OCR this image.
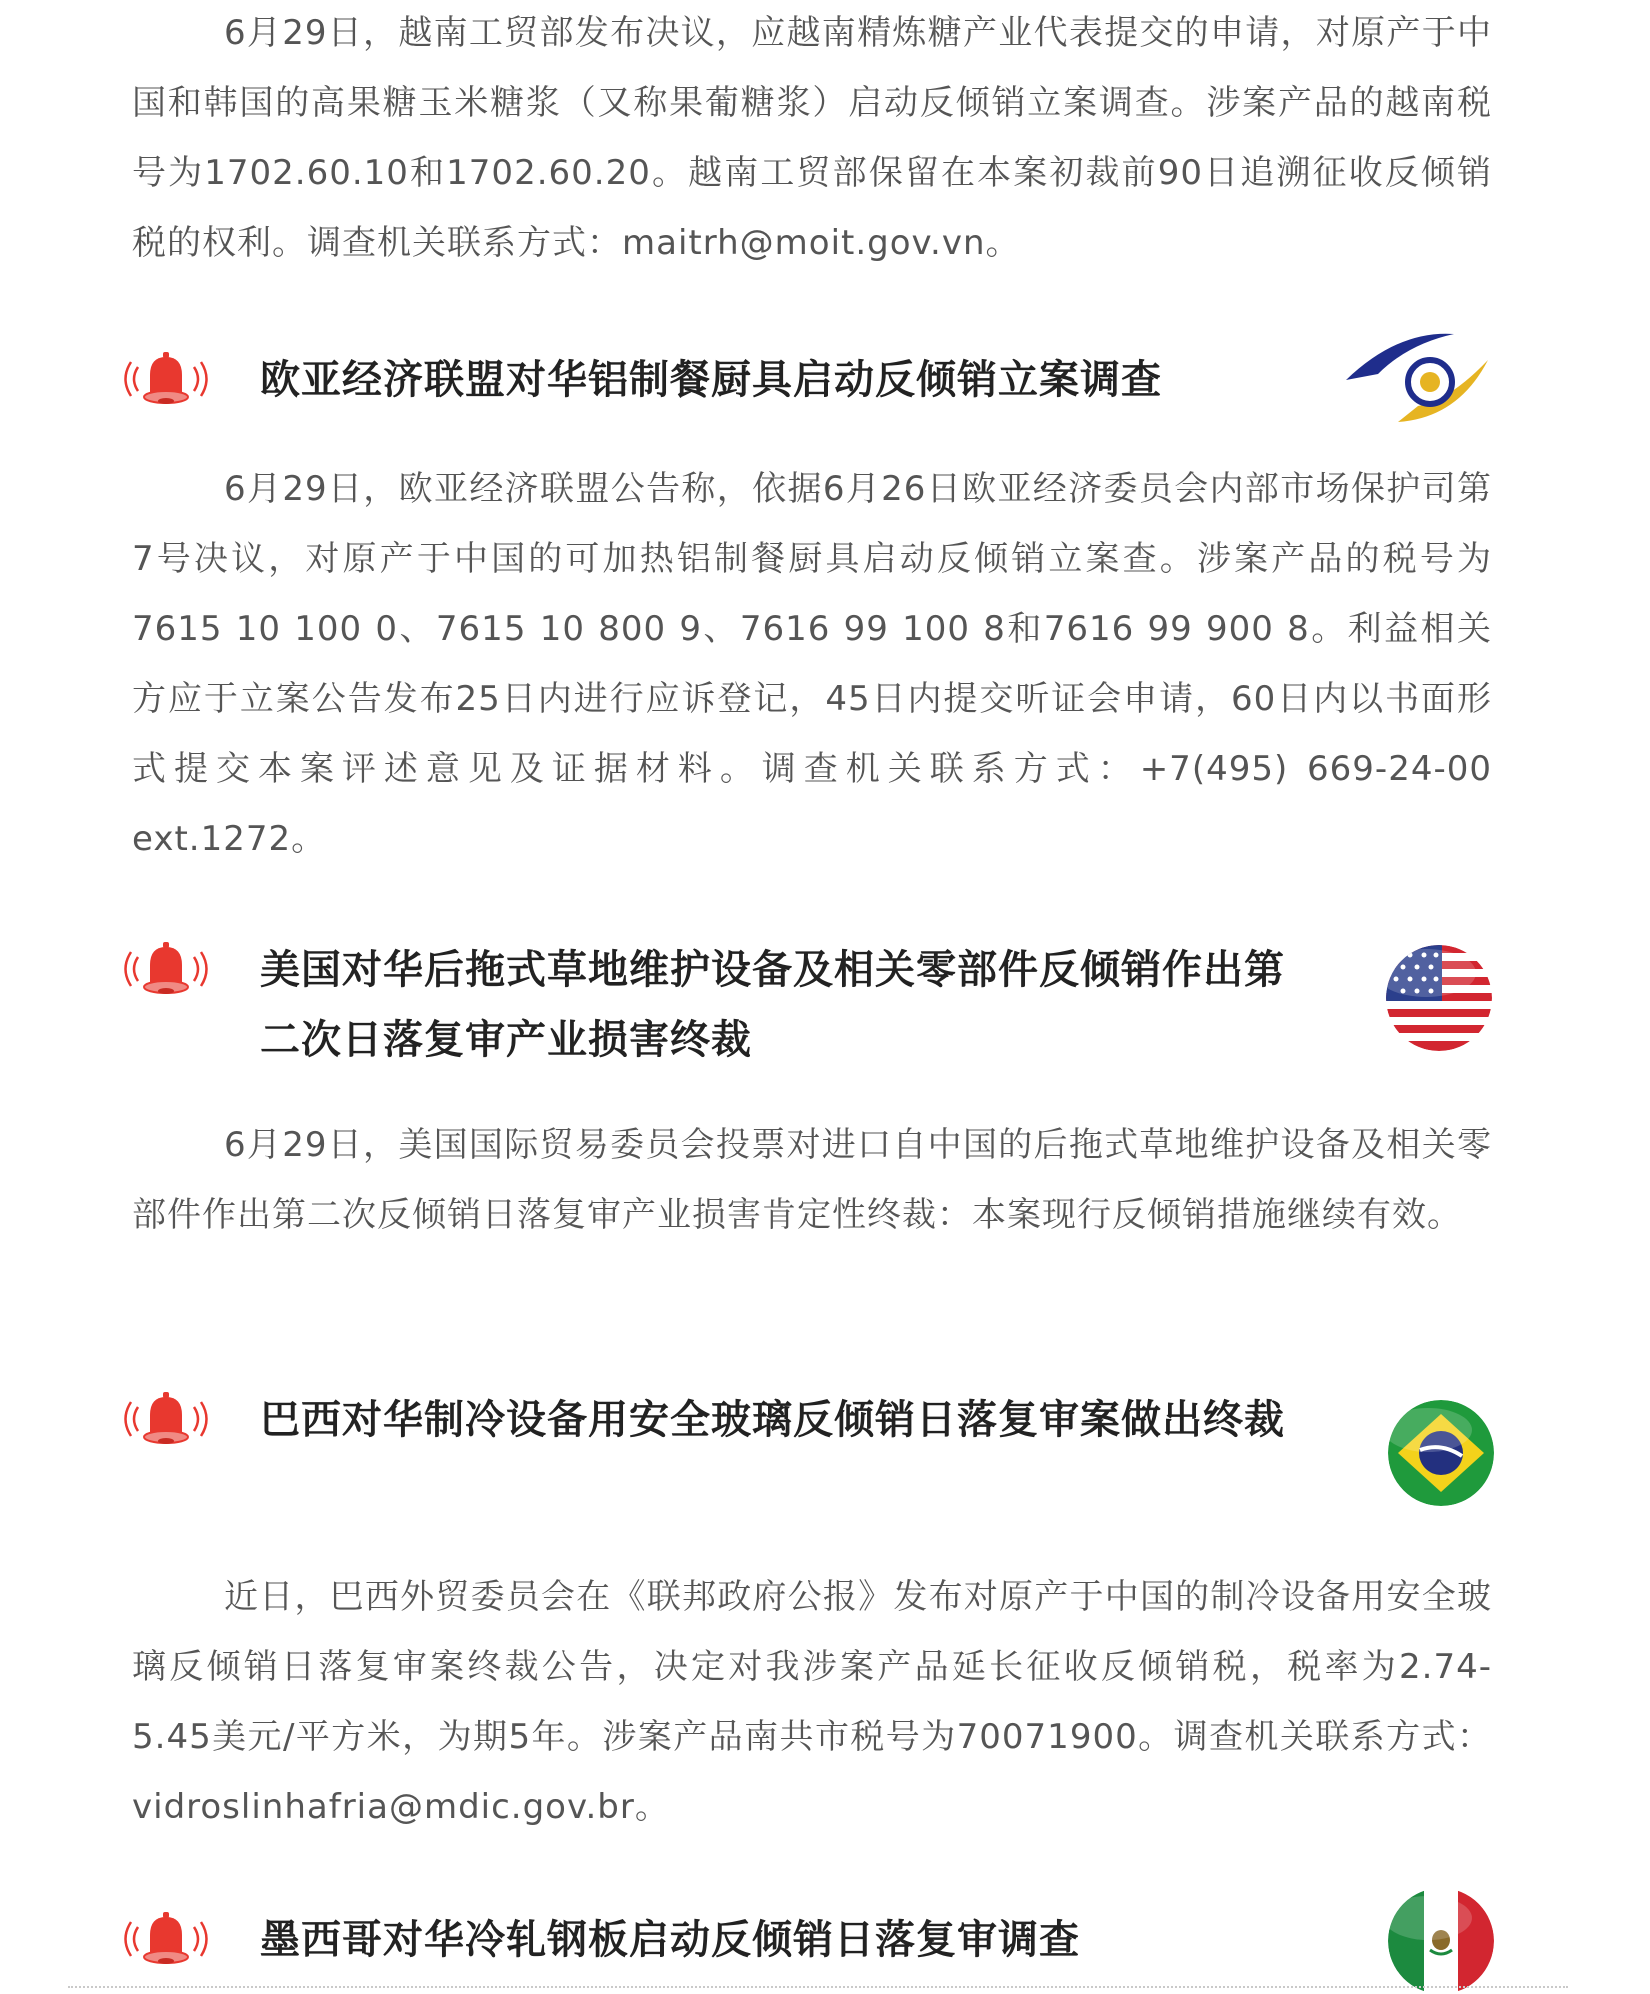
6月29日，越南工贸部发布决议，应越南精炼糖产业代表提交的申请，对原产于中国和韩国的高果糖玉米糖浆（又称果葡糖浆）启动反倾销立案调查。涉案产品的越南税号为1702.60.10和1702.60.20。越南工贸部保留在本案初裁前90日追溯征收反倾销税的权利。调查机关联系方式：maitrh@moit.gov.vn。

欧亚经济联盟对华铝制餐厨具启动反倾销立案调查

6月29日，欧亚经济联盟公告称，依据6月26日欧亚经济委员会内部市场保护司第7号决议，对原产于中国的可加热铝制餐厨具启动反倾销立案查。涉案产品的税号为7615 10 100 0、7615 10 800 9、7616 99 100 8和7616 99 900 8。利益相关方应于立案公告发布25日内进行应诉登记，45日内提交听证会申请，60日内以书面形式提交本案评述意见及证据材料。调查机关联系方式：+7(495) 669-24-00 ext.1272。

美国对华后拖式草地维护设备及相关零部件反倾销作出第二次日落复审产业损害终裁

6月29日，美国国际贸易委员会投票对进口自中国的后拖式草地维护设备及相关零部件作出第二次反倾销日落复审产业损害肯定性终裁：本案现行反倾销措施继续有效。

巴西对华制冷设备用安全玻璃反倾销日落复审案做出终裁

近日，巴西外贸委员会在《联邦政府公报》发布对原产于中国的制冷设备用安全玻璃反倾销日落复审案终裁公告，决定对我涉案产品延长征收反倾销税，税率为2.74-5.45美元/平方米，为期5年。涉案产品南共市税号为70071900。调查机关联系方式：vidroslinhafria@mdic.gov.br。

墨西哥对华冷轧钢板启动反倾销日落复审调查
